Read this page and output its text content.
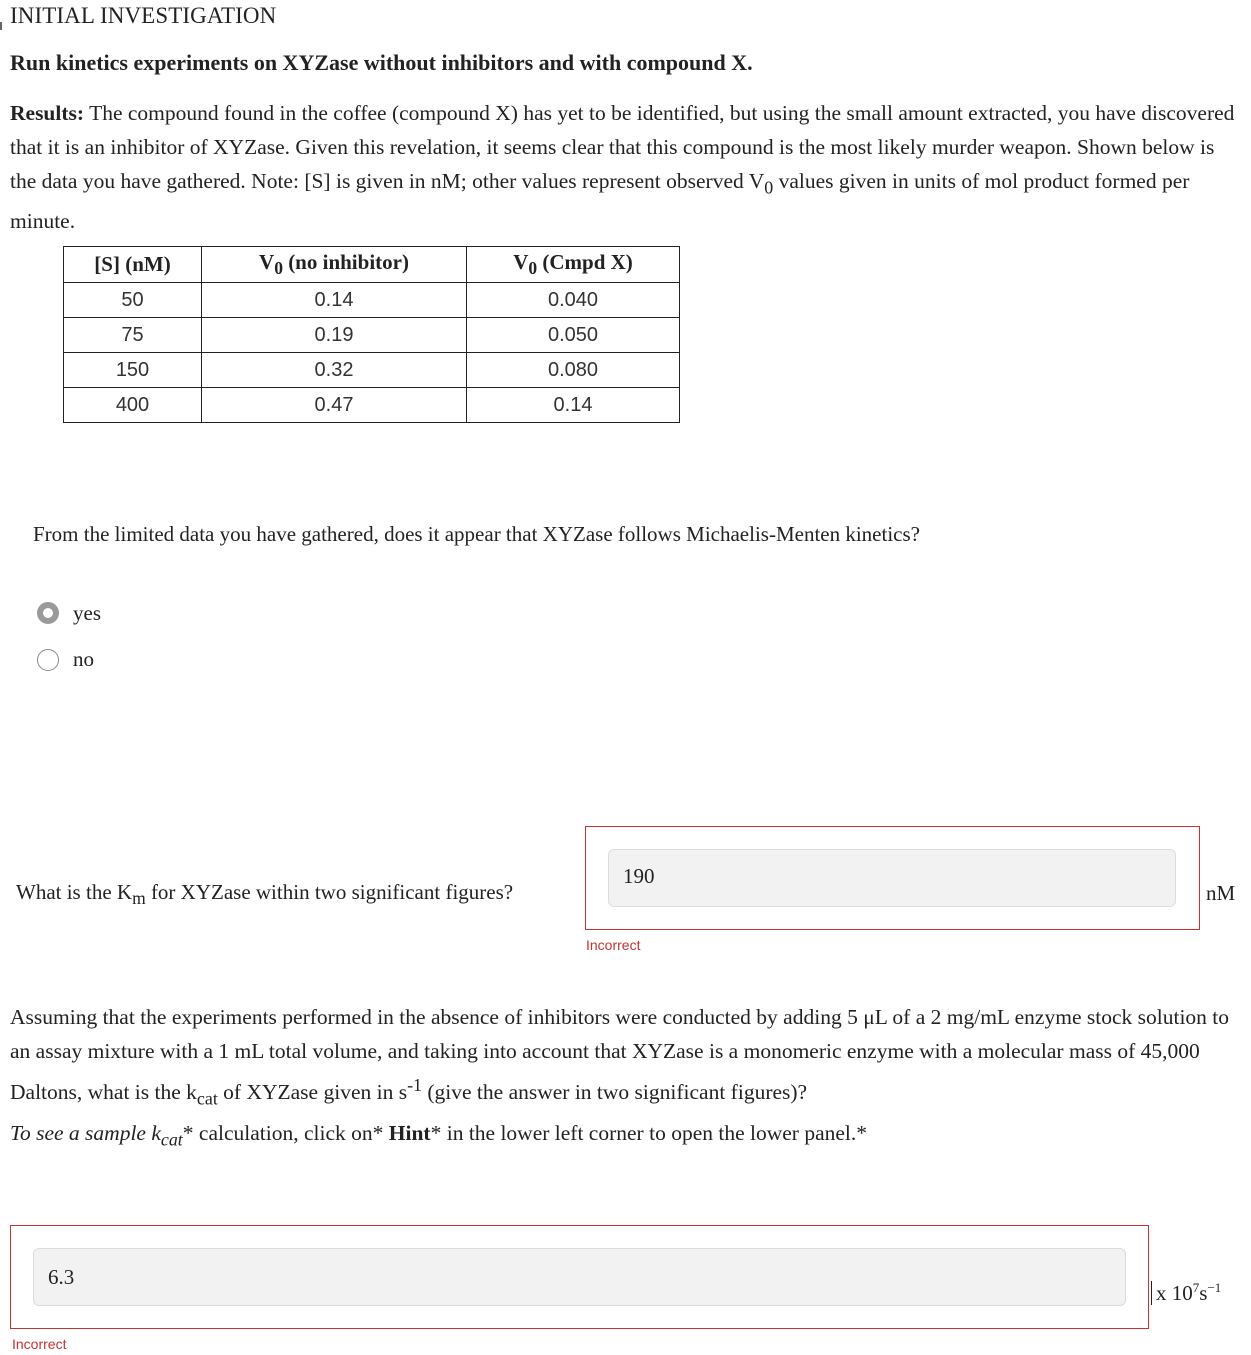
INITIAL INVESTIGATION
Run kinetics experiments on XYZase without inhibitors and with compound X.
Results: The compound found in the coffee (compound X) has yet to be identified, but using the small amount extracted, you have discovered that it is an inhibitor of XYZase. Given this revelation, it seems clear that this compound is the most likely murder weapon. Shown below is the data you have gathered. Note: [S] is given in nM; other values represent observed $V_0$ values given in units of mol product formed per minute.
[S] (nM)	$V_0$ (no inhibitor)	$V_0$ (Cmpd X)
50	0.14	0.040
75	0.19	0.050
150	0.32	0.080
400	0.47	0.14
From the limited data you have gathered, does it appear that XYZase follows Michaelis-Menten kinetics?
yes
no
What is the $K_m$ for XYZase within two significant figures?
190
nM
Incorrect
Assuming that the experiments performed in the absence of inhibitors were conducted by adding 5 μL of a 2 mg/mL enzyme stock solution to an assay mixture with a 1 mL total volume, and taking into account that XYZase is a monomeric enzyme with a molecular mass of 45,000 Daltons, what is the $k_{cat}$ of XYZase given in $s^{-1}$ (give the answer in two significant figures)?
To see a sample $k_{cat}*$ calculation, click on* Hint* in the lower left corner to open the lower panel.*
6.3
x $10^7s^{-1}$
Incorrect
